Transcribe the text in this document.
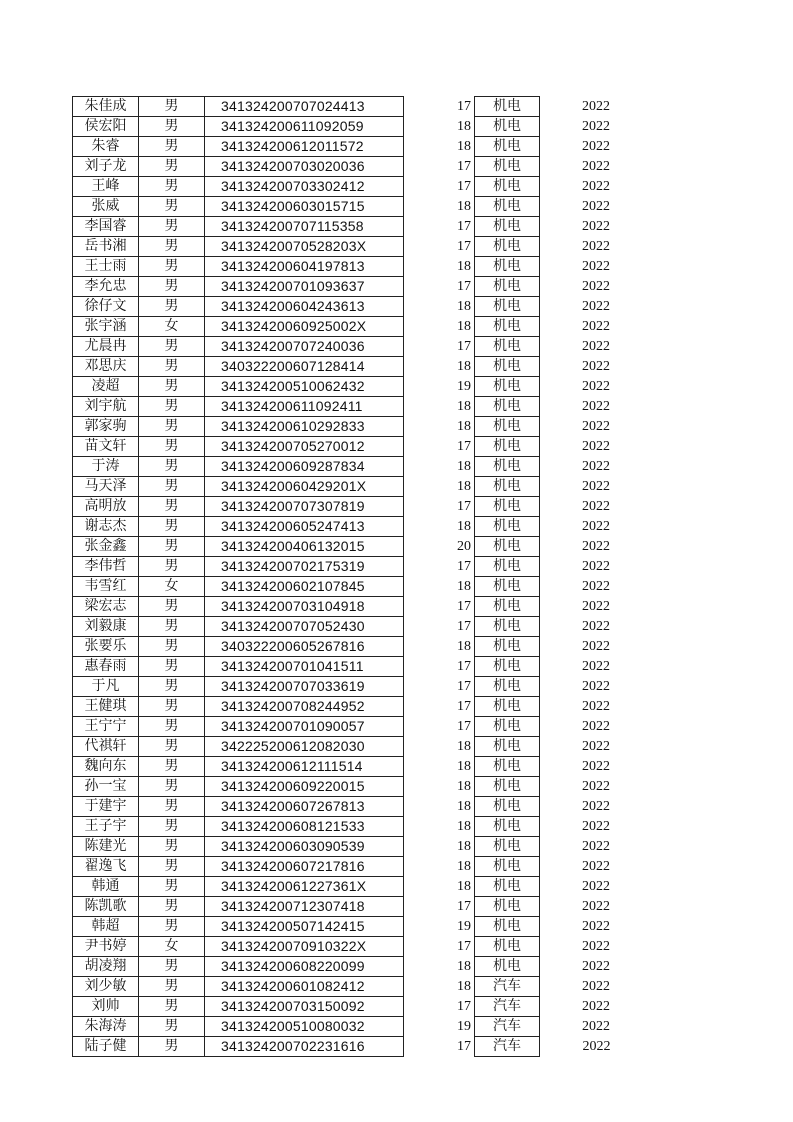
朱佳成	男	341324200707024413	17	机电	2022
侯宏阳	男	341324200611092059	18	机电	2022
朱睿	男	341324200612011572	18	机电	2022
刘子龙	男	341324200703020036	17	机电	2022
王峰	男	341324200703302412	17	机电	2022
张威	男	341324200603015715	18	机电	2022
李国睿	男	341324200707115358	17	机电	2022
岳书湘	男	34132420070528203X	17	机电	2022
王士雨	男	341324200604197813	18	机电	2022
李允忠	男	341324200701093637	17	机电	2022
徐仔文	男	341324200604243613	18	机电	2022
张宇涵	女	34132420060925002X	18	机电	2022
尤晨冉	男	341324200707240036	17	机电	2022
邓思庆	男	340322200607128414	18	机电	2022
凌超	男	341324200510062432	19	机电	2022
刘宇航	男	341324200611092411	18	机电	2022
郭家驹	男	341324200610292833	18	机电	2022
苗文轩	男	341324200705270012	17	机电	2022
于涛	男	341324200609287834	18	机电	2022
马天泽	男	34132420060429201X	18	机电	2022
高明放	男	341324200707307819	17	机电	2022
谢志杰	男	341324200605247413	18	机电	2022
张金鑫	男	341324200406132015	20	机电	2022
李伟哲	男	341324200702175319	17	机电	2022
韦雪红	女	341324200602107845	18	机电	2022
梁宏志	男	341324200703104918	17	机电	2022
刘毅康	男	341324200707052430	17	机电	2022
张要乐	男	340322200605267816	18	机电	2022
惠春雨	男	341324200701041511	17	机电	2022
于凡	男	341324200707033619	17	机电	2022
王健琪	男	341324200708244952	17	机电	2022
王宁宁	男	341324200701090057	17	机电	2022
代祺轩	男	342225200612082030	18	机电	2022
魏向东	男	341324200612111514	18	机电	2022
孙一宝	男	341324200609220015	18	机电	2022
于建宇	男	341324200607267813	18	机电	2022
王子宇	男	341324200608121533	18	机电	2022
陈建光	男	341324200603090539	18	机电	2022
翟逸飞	男	341324200607217816	18	机电	2022
韩通	男	34132420061227361X	18	机电	2022
陈凯歌	男	341324200712307418	17	机电	2022
韩超	男	341324200507142415	19	机电	2022
尹书婷	女	34132420070910322X	17	机电	2022
胡凌翔	男	341324200608220099	18	机电	2022
刘少敏	男	341324200601082412	18	汽车	2022
刘帅	男	341324200703150092	17	汽车	2022
朱海涛	男	341324200510080032	19	汽车	2022
陆子健	男	341324200702231616	17	汽车	2022
